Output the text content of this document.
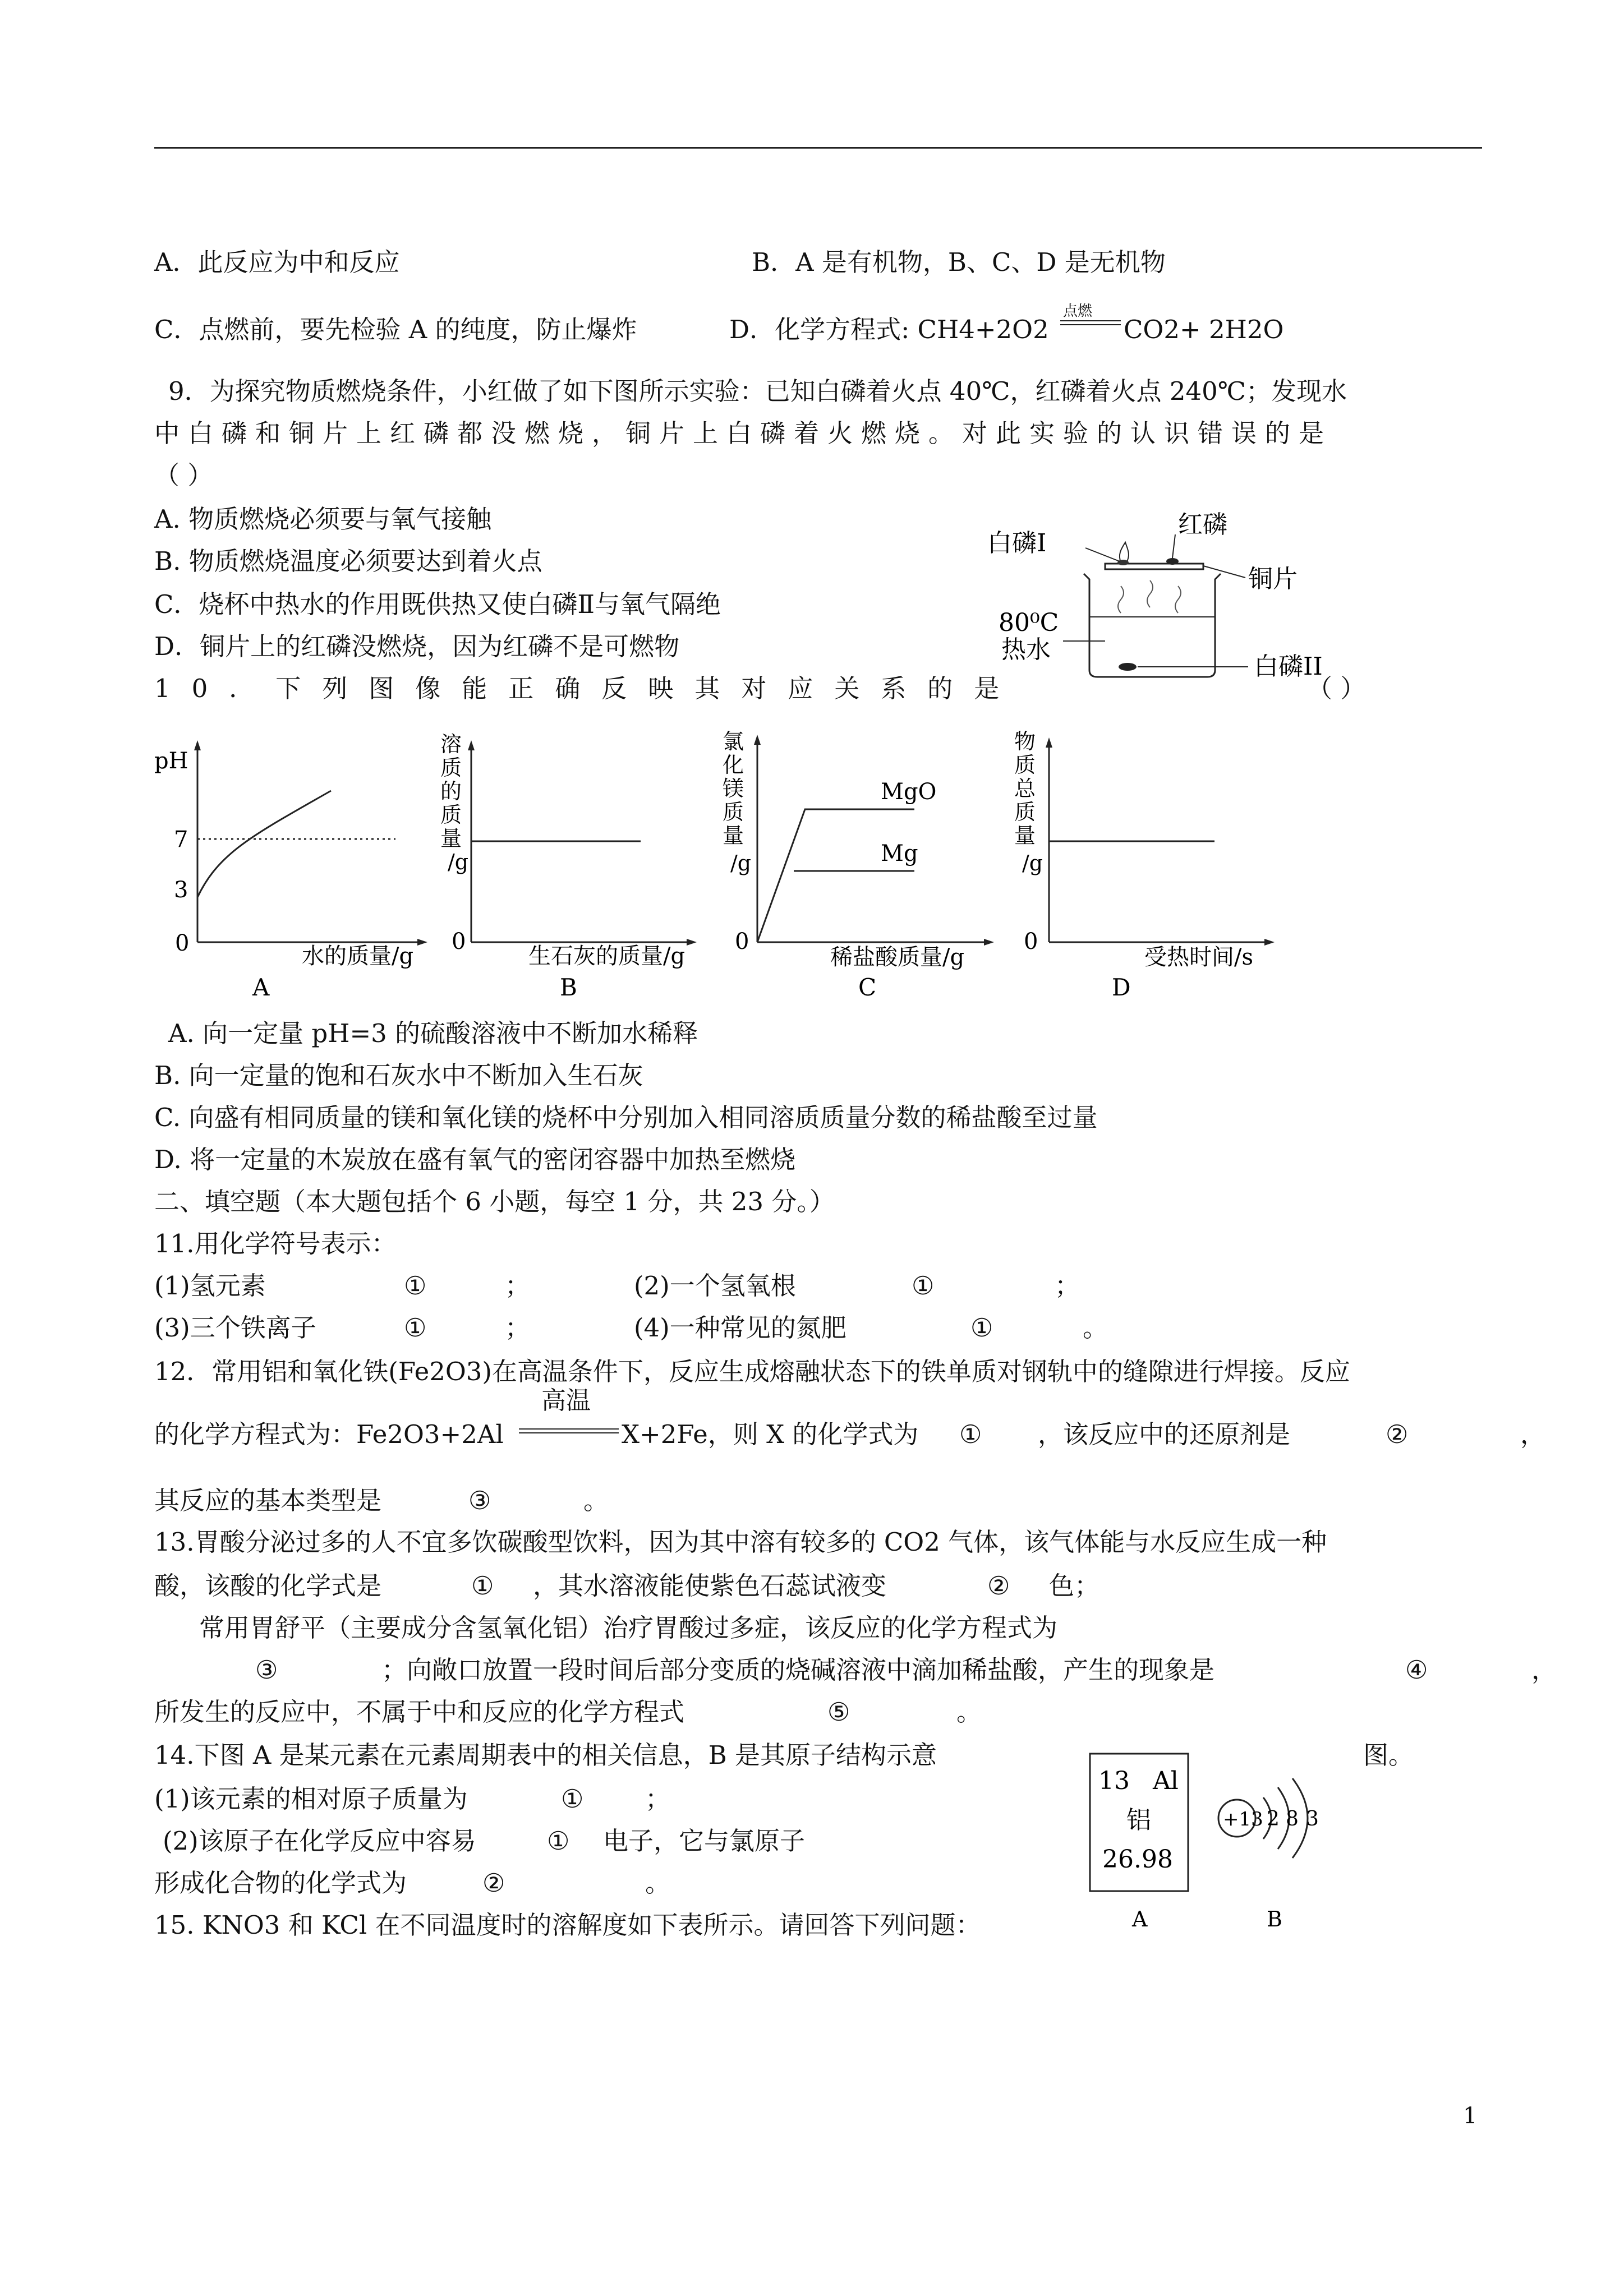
A．此反应为中和反应	B．A 是有机物，B、C、D 是无机物
C．点燃前，要先检验 A 的纯度，防止爆炸	D．化学方程式: CH4+2O2
点燃
CO2+ 2H2O
9．为探究物质燃烧条件，小红做了如下图所示实验：已知白磷着火点 40℃，红磷着火点 240℃；发现水
中白磷和铜片上红磷都没燃烧，铜片上白磷着火燃烧。对此实验的认识错误的是
（ ）
A. 物质燃烧必须要与氧气接触
B. 物质燃烧温度必须要达到着火点
C．烧杯中热水的作用既供热又使白磷Ⅱ与氧气隔绝
D．铜片上的红磷没燃烧，因为红磷不是可燃物
白磷Ⅰ
红磷
铜片
80⁰C
热水
白磷ⅠI
10．下列图像能正确反映其对应关系的是	（ ）
pH
7
3
0	水的质量/g
A
溶质的质量/g
0
生石灰的质量/g
B
氯化镁质量/g
MgO
Mg
0
稀盐酸质量/g
C
物质总质量/g
0
受热时间/s
D
A. 向一定量 pH=3 的硫酸溶液中不断加水稀释
B. 向一定量的饱和石灰水中不断加入生石灰
C. 向盛有相同质量的镁和氧化镁的烧杯中分别加入相同溶质质量分数的稀盐酸至过量
D. 将一定量的木炭放在盛有氧气的密闭容器中加热至燃烧
二、填空题（本大题包括个 6 小题，每空 1 分，共 23 分。）
11.用化学符号表示：
(1)氢元素	①	；	(2)一个氢氧根	①	；
(3)三个铁离子	①	；	(4)一种常见的氮肥	①	。
12．常用铝和氧化铁(Fe2O3)在高温条件下，反应生成熔融状态下的铁单质对钢轨中的缝隙进行焊接。反应
的化学方程式为：Fe2O3+2Al
高温
X+2Fe，则 X 的化学式为 ① ，该反应中的还原剂是	②	，
其反应的基本类型是	③	。
13.胃酸分泌过多的人不宜多饮碳酸型饮料，因为其中溶有较多的 CO2 气体，该气体能与水反应生成一种
酸，该酸的化学式是	① ，其水溶液能使紫色石蕊试液变	② 色；
常用胃舒平（主要成分含氢氧化铝）治疗胃酸过多症，该反应的化学方程式为
③	；向敞口放置一段时间后部分变质的烧碱溶液中滴加稀盐酸，产生的现象是	④	，
所发生的反应中，不属于中和反应的化学方程式	⑤	。
14.下图 A 是某元素在元素周期表中的相关信息，B 是其原子结构示意	图。
(1)该元素的相对原子质量为	① ；
(2)该原子在化学反应中容易	① 电子，它与氯原子
形成化合物的化学式为	②	。
13 Al
铝
26.98
A
+13 2 8 3
B
15. KNO3 和 KCl 在不同温度时的溶解度如下表所示。请回答下列问题：
1
